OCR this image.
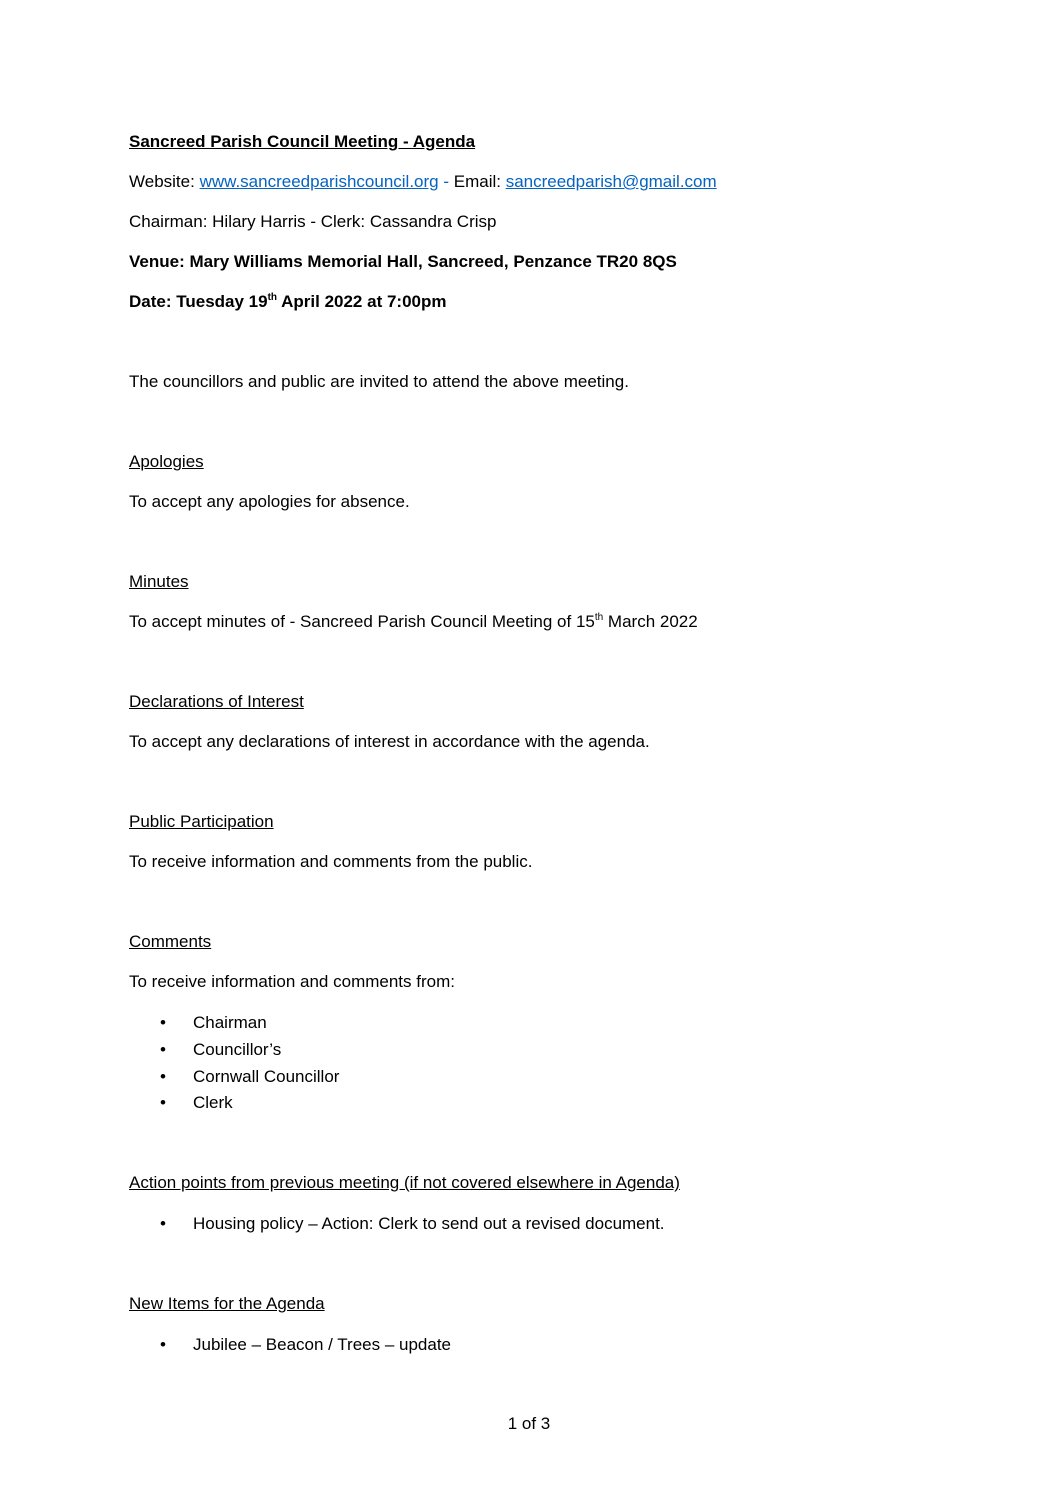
Sancreed Parish Council Meeting - Agenda
Website: www.sancreedparishcouncil.org - Email: sancreedparish@gmail.com
Chairman: Hilary Harris - Clerk: Cassandra Crisp
Venue: Mary Williams Memorial Hall, Sancreed, Penzance TR20 8QS
Date: Tuesday 19th April 2022 at 7:00pm
The councillors and public are invited to attend the above meeting.
Apologies
To accept any apologies for absence.
Minutes
To accept minutes of - Sancreed Parish Council Meeting of 15th March 2022
Declarations of Interest
To accept any declarations of interest in accordance with the agenda.
Public Participation
To receive information and comments from the public.
Comments
To receive information and comments from:
• Chairman
• Councillor’s
• Cornwall Councillor
• Clerk
Action points from previous meeting (if not covered elsewhere in Agenda)
• Housing policy – Action: Clerk to send out a revised document.
New Items for the Agenda
• Jubilee – Beacon / Trees – update
1 of 3
